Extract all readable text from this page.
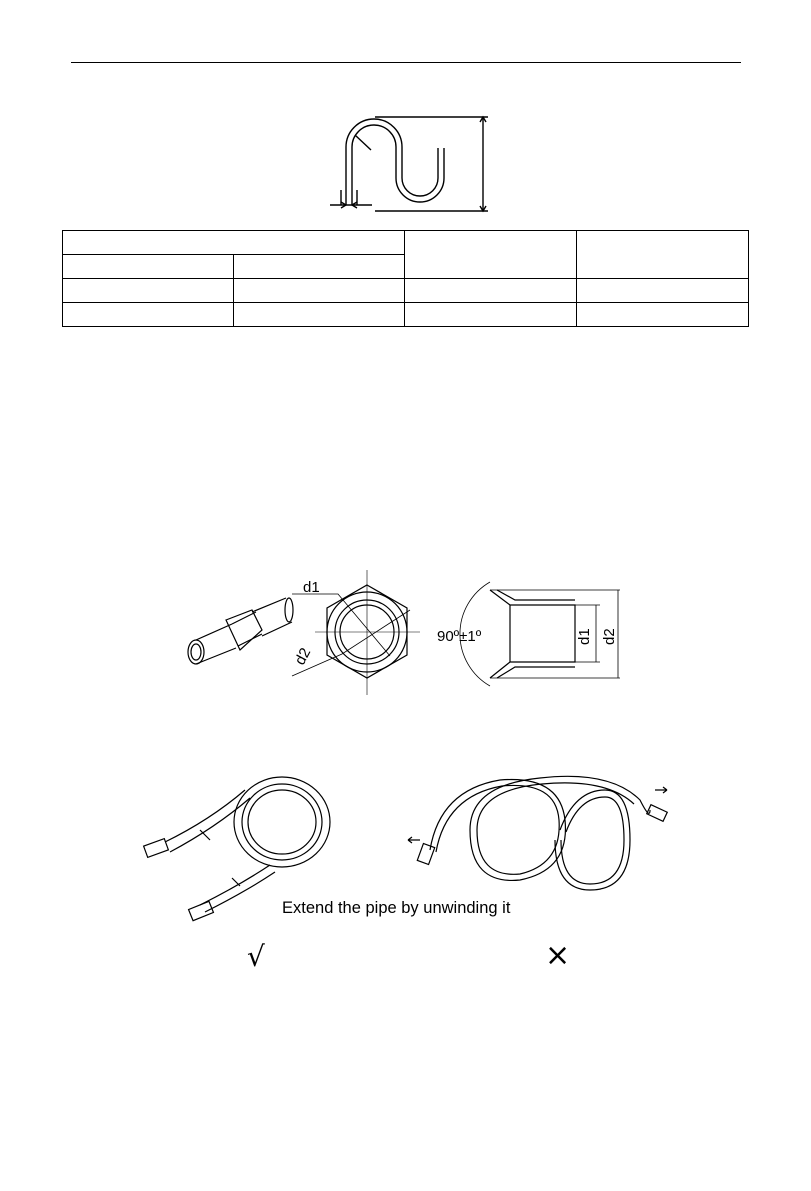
d1
d2
90º±1º	d1 d2
Extend the pipe by unwinding it
√	×
